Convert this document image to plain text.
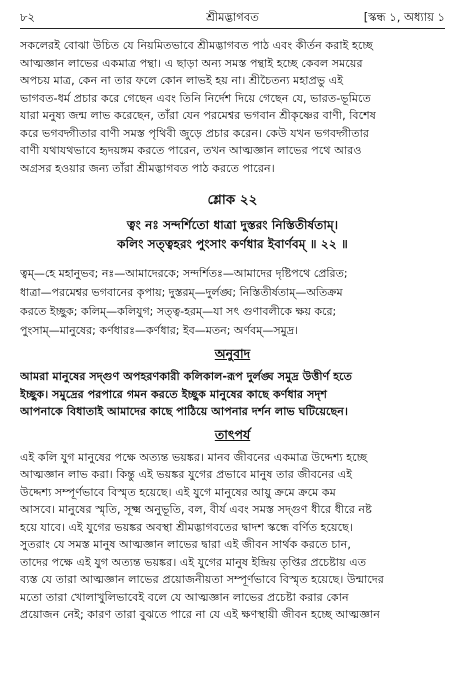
৮২	শ্রীমদ্ভাগবত	[স্কন্ধ ১, অধ্যায় ১
সকলেরই বোঝা উচিত যে নিয়মিতভাবে শ্রীমদ্ভাগবত পাঠ এবং কীর্তন করাই হচ্ছে
আত্মজ্ঞান লাভের একমাত্র পন্থা। এ ছাড়া অন্য সমস্ত পন্থাই হচ্ছে কেবল সময়ের
অপচয় মাত্র, কেন না তার ফলে কোন লাভই হয় না। শ্রীচৈতন্য মহাপ্রভু এই
ভাগবত-ধর্ম প্রচার করে গেছেন এবং তিনি নির্দেশ দিয়ে গেছেন যে, ভারত-ভূমিতে
যারা মনুষ্য জন্ম লাভ করেছেন, তাঁরা যেন পরমেশ্বর ভগবান শ্রীকৃষ্ণের বাণী, বিশেষ
করে ভগবদ্গীতার বাণী সমস্ত পৃথিবী জুড়ে প্রচার করেন। কেউ যখন ভগবদ্গীতার
বাণী যথাযথভাবে হৃদয়ঙ্গম করতে পারেন, তখন আত্মজ্ঞান লাভের পথে আরও
অগ্রসর হওয়ার জন্য তাঁরা শ্রীমদ্ভাগবত পাঠ করতে পারেন।
শ্লোক ২২
ত্বং নঃ সন্দর্শিতো ধাত্রা দুস্তরং নিস্তিতীর্ষতাম্।
কলিং সত্ত্বহরং পুংসাং কর্ণধার ইবার্ণবম্ ॥ ২২ ॥
ত্বম্—হে মহানুভব; নঃ—আমাদেরকে; সন্দর্শিতঃ—আমাদের দৃষ্টিপথে প্রেরিত;
ধাত্রা—পরমেশ্বর ভগবানের কৃপায়; দুস্তরম্—দুর্লঙ্ঘ; নিস্তিতীর্ষতাম্—অতিক্রম
করতে ইচ্ছুক; কলিম্—কলিযুগ; সত্ত্ব-হরম্—যা সৎ গুণাবলীকে ক্ষয় করে;
পুংসাম্—মানুষের; কর্ণধারঃ—কর্ণধার; ইব—মতন; অর্ণবম্—সমুদ্র।
অনুবাদ
আমরা মানুষের সদ্গুণ অপহরণকারী কলিকাল-রূপ দুর্লঙ্ঘ সমুদ্র উত্তীর্ণ হতে
ইচ্ছুক। সমুদ্রের পরপারে গমন করতে ইচ্ছুক মানুষের কাছে কর্ণধার সদৃশ
আপনাকে বিধাতাই আমাদের কাছে পাঠিয়ে আপনার দর্শন লাভ ঘটিয়েছেন।
তাৎপর্য
এই কলি যুগ মানুষের পক্ষে অত্যন্ত ভয়ঙ্কর। মানব জীবনের একমাত্র উদ্দেশ্য হচ্ছে
আত্মজ্ঞান লাভ করা। কিন্তু এই ভয়ঙ্কর যুগের প্রভাবে মানুষ তার জীবনের এই
উদ্দেশ্য সম্পূর্ণভাবে বিস্মৃত হয়েছে। এই যুগে মানুষের আয়ু ক্রমে ক্রমে কম
আসবে। মানুষের স্মৃতি, সূক্ষ্ম অনুভূতি, বল, বীর্য এবং সমস্ত সদ্গুণ ধীরে ধীরে নষ্ট
হয়ে যাবে। এই যুগের ভয়ঙ্কর অবস্থা শ্রীমদ্ভাগবতের দ্বাদশ স্কন্ধে বর্ণিত হয়েছে।
সুতরাং যে সমস্ত মানুষ আত্মজ্ঞান লাভের দ্বারা এই জীবন সার্থক করতে চান,
তাদের পক্ষে এই যুগ অত্যন্ত ভয়ঙ্কর। এই যুগের মানুষ ইন্দ্রিয় তৃপ্তির প্রচেষ্টায় এত
ব্যস্ত যে তারা আত্মজ্ঞান লাভের প্রয়োজনীয়তা সম্পূর্ণভাবে বিস্মৃত হয়েছে। উন্মাদের
মতো তারা খোলাখুলিভাবেই বলে যে আত্মজ্ঞান লাভের প্রচেষ্টা করার কোন
প্রয়োজন নেই; কারণ তারা বুঝতে পারে না যে এই ক্ষণস্থায়ী জীবন হচ্ছে আত্মজ্ঞান
